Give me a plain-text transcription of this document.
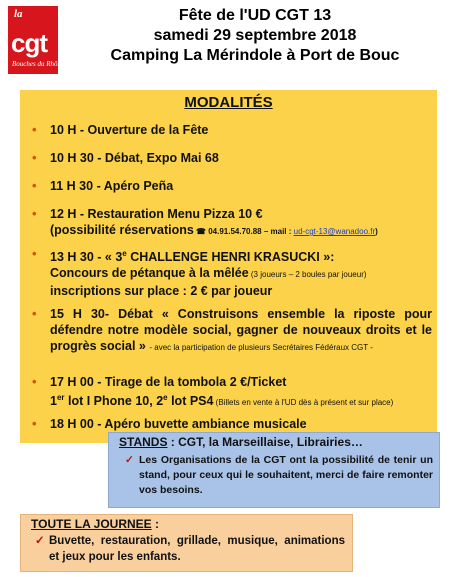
la
cgt
Bouches du Rhône
Fête de l'UD CGT 13
samedi 29 septembre 2018
Camping La Mérindole à Port de Bouc
MODALITÉS
•	10 H - Ouverture de la Fête
•	10 H 30 - Débat, Expo Mai 68
•	11 H 30 - Apéro Peña
• 12 H - Restauration Menu Pizza 10 €
(possibilité réservations ☎ 04.91.54.70.88 – mail : ud-cgt-13@wanadoo.fr)
• 13 H 30 - « 3e CHALLENGE HENRI KRASUCKI »:
Concours de pétanque à la mêlée (3 joueurs – 2 boules par joueur)
inscriptions sur place : 2 € par joueur
•	15 H 30- Débat « Construisons ensemble la riposte pour défendre notre modèle social, gagner de nouveaux droits et le progrès social » - avec la participation de plusieurs Secrétaires Fédéraux CGT -
• 17 H 00 - Tirage de la tombola 2 €/Ticket
1er lot I Phone 10, 2e lot PS4 (Billets en vente à l'UD dès à présent et sur place)
•	18 H 00 - Apéro buvette ambiance musicale
STANDS : CGT, la Marseillaise, Librairies…
✓ Les Organisations de la CGT ont la possibilité de tenir un stand, pour ceux qui le souhaitent, merci de faire remonter vos besoins.
TOUTE LA JOURNEE :
✓ Buvette, restauration, grillade, musique, animations et jeux pour les enfants.
